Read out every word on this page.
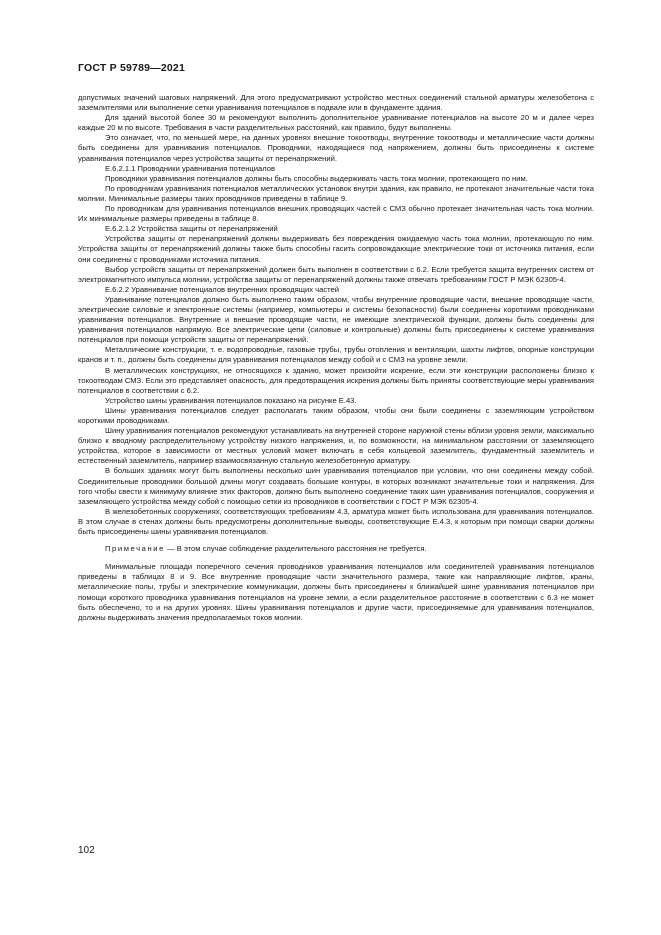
ГОСТ Р 59789—2021

допустимых значений шаговых напряжений. Для этого предусматривают устройство местных соединений стальной арматуры железобетона с заземлителями или выполнение сетки уравнивания потенциалов в подвале или в фундаменте здания.

Для зданий высотой более 30 м рекомендуют выполнить дополнительное уравнивание потенциалов на высоте 20 м и далее через каждые 20 м по высоте. Требования в части разделительных расстояний, как правило, будут выполнены.

Это означает, что, по меньшей мере, на данных уровнях внешние токоотводы, внутренние токоотводы и металлические части должны быть соединены для уравнивания потенциалов. Проводники, находящиеся под напряжением, должны быть присоединены к системе уравнивания потенциалов через устройства защиты от перенапряжений.

Е.6.2.1.1 Проводники уравнивания потенциалов

Проводники уравнивания потенциалов должны быть способны выдерживать часть тока молнии, протекающего по ним.

По проводникам уравнивания потенциалов металлических установок внутри здания, как правило, не протекают значительные части тока молнии. Минимальные размеры таких проводников приведены в таблице 9.

По проводникам для уравнивания потенциалов внешних проводящих частей с СМЗ обычно протекает значительная часть тока молнии. Их минимальные размеры приведены в таблице 8.

Е.6.2.1.2 Устройства защиты от перенапряжений

Устройства защиты от перенапряжений должны выдерживать без повреждения ожидаемую часть тока молнии, протекающую по ним. Устройства защиты от перенапряжений должны также быть способны гасить сопровождающие электрические токи от источника питания, если они соединены с проводниками источника питания.

Выбор устройств защиты от перенапряжений должен быть выполнен в соответствии с 6.2. Если требуется защита внутренних систем от электромагнитного импульса молнии, устройства защиты от перенапряжений должны также отвечать требованиям ГОСТ Р МЭК 62305-4.

Е.6.2.2 Уравнивание потенциалов внутренних проводящих частей

Уравнивание потенциалов должно быть выполнено таким образом, чтобы внутренние проводящие части, внешние проводящие части, электрические силовые и электронные системы (например, компьютеры и системы безопасности) были соединены короткими проводниками уравнивания потенциалов. Внутренние и внешние проводящие части, не имеющие электрической функции, должны быть соединены для уравнивания потенциалов напрямую. Все электрические цепи (силовые и контрольные) должны быть присоединены к системе уравнивания потенциалов при помощи устройств защиты от перенапряжений.

Металлические конструкции, т. е. водопроводные, газовые трубы, трубы отопления и вентиляции, шахты лифтов, опорные конструкции кранов и т. п., должны быть соединены для уравнивания потенциалов между собой и с СМЗ на уровне земли.

В металлических конструкциях, не относящихся к зданию, может произойти искрение, если эти конструкции расположены близко к токоотводам СМЗ. Если это представляет опасность, для предотвращения искрения должны быть приняты соответствующие меры уравнивания потенциалов в соответствии с 6.2.

Устройство шины уравнивания потенциалов показано на рисунке Е.43.

Шины уравнивания потенциалов следует располагать таким образом, чтобы они были соединены с заземляющим устройством короткими проводниками.

Шину уравнивания потенциалов рекомендуют устанавливать на внутренней стороне наружной стены вблизи уровня земли, максимально близко к вводному распределительному устройству низкого напряжения, и, по возможности, на минимальном расстоянии от заземляющего устройства, которое в зависимости от местных условий может включать в себя кольцевой заземлитель, фундаментный заземлитель и естественный заземлитель, например взаимосвязанную стальную железобетонную арматуру.

В больших зданиях могут быть выполнены несколько шин уравнивания потенциалов при условии, что они соединены между собой. Соединительные проводники большой длины могут создавать большие контуры, в которых возникают значительные токи и напряжения. Для того чтобы свести к минимуму влияние этих факторов, должно быть выполнено соединение таких шин уравнивания потенциалов, сооружения и заземляющего устройства между собой с помощью сетки из проводников в соответствии с ГОСТ Р МЭК 62305-4.

В железобетонных сооружениях, соответствующих требованиям 4.3, арматура может быть использована для уравнивания потенциалов. В этом случае в стенах должны быть предусмотрены дополнительные выводы, соответствующие Е.4.3, к которым при помощи сварки должны быть присоединены шины уравнивания потенциалов.

Примечание — В этом случае соблюдение разделительного расстояния не требуется.

Минимальные площади поперечного сечения проводников уравнивания потенциалов или соединителей уравнивания потенциалов приведены в таблицах 8 и 9. Все внутренние проводящие части значительного размера, такие как направляющие лифтов, краны, металлические полы, трубы и электрические коммуникации, должны быть присоединены к ближайшей шине уравнивания потенциалов при помощи короткого проводника уравнивания потенциалов на уровне земли, а если разделительное расстояние в соответствии с 6.3 не может быть обеспечено, то и на других уровнях. Шины уравнивания потенциалов и другие части, присоединяемые для уравнивания потенциалов, должны выдерживать значения предполагаемых токов молнии.

102
